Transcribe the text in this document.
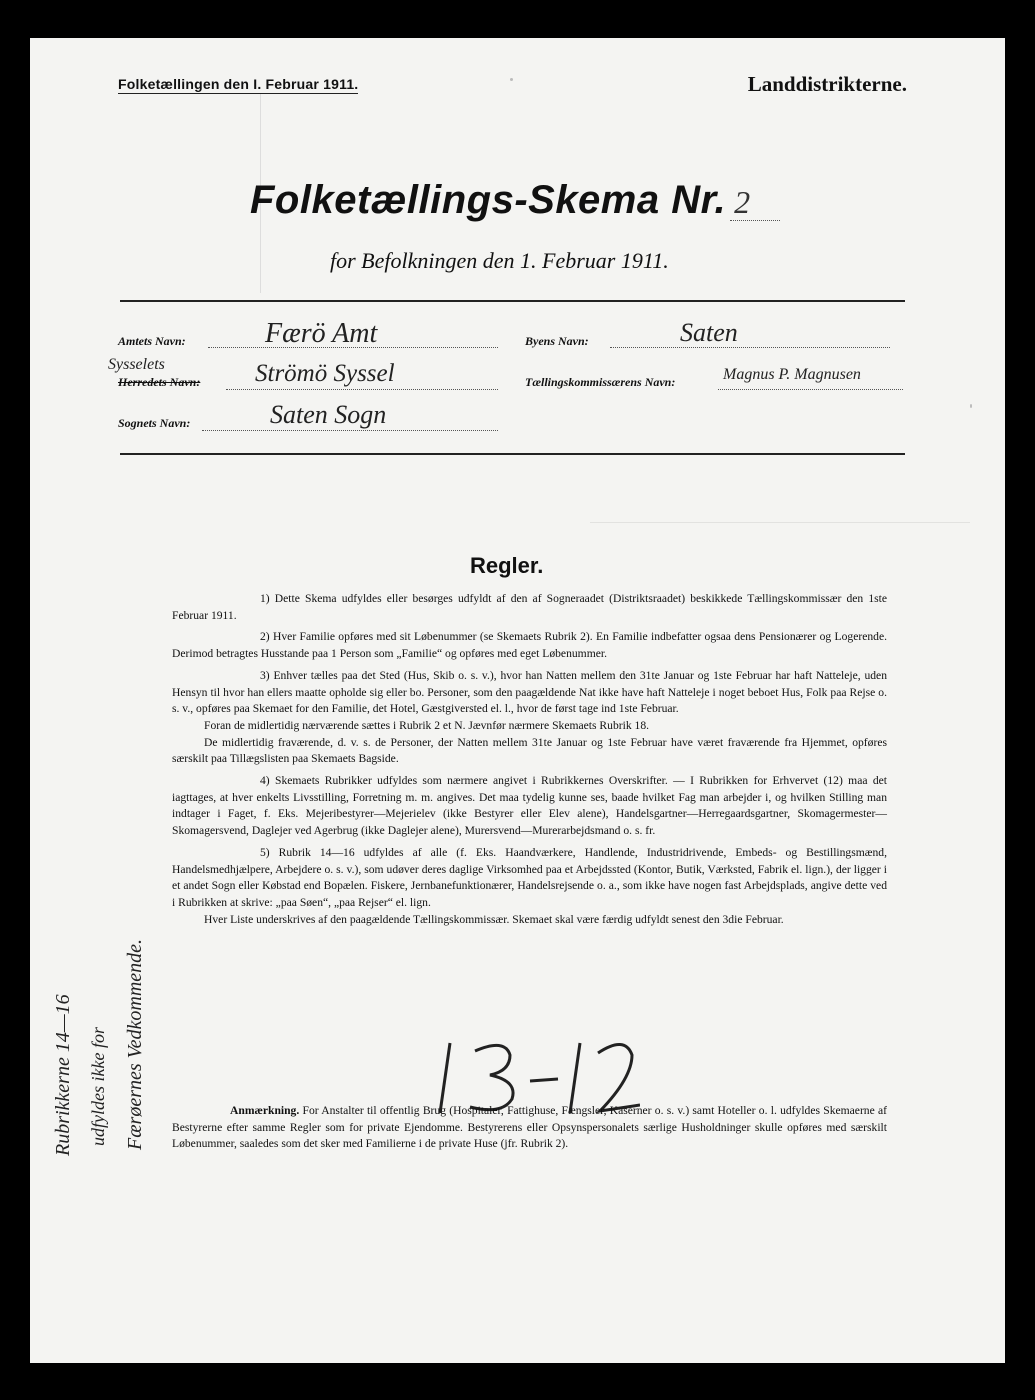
Folketællingen den I. Februar 1911.	Landdistrikterne.
Folketællings-Skema Nr. 2
for Befolkningen den 1. Februar 1911.
Amtets Navn:	Færö Amt	Byens Navn:	Saten
Sysselets
Herredets Navn: Strömö Syssel	Tællingskommissærens Navn:	Magnus P. Magnusen
Sognets Navn:	Saten Sogn
Regler.

1) Dette Skema udfyldes eller besørges udfyldt af den af Sogneraadet (Distriktsraadet) beskikkede Tællingskommissær den 1ste Februar 1911.

2) Hver Familie opføres med sit Løbenummer (se Skemaets Rubrik 2). En Familie indbefatter ogsaa dens Pensionærer og Logerende. Derimod betragtes Husstande paa 1 Person som „Familie“ og opføres med eget Løbenummer.

3) Enhver tælles paa det Sted (Hus, Skib o. s. v.), hvor han Natten mellem den 31te Januar og 1ste Februar har haft Natteleje, uden Hensyn til hvor han ellers maatte opholde sig eller bo. Personer, som den paagældende Nat ikke have haft Natteleje i noget beboet Hus, Folk paa Rejse o. s. v., opføres paa Skemaet for den Familie, det Hotel, Gæstgiversted el. l., hvor de først tage ind 1ste Februar.

Foran de midlertidig nærværende sættes i Rubrik 2 et N. Jævnfør nærmere Skemaets Rubrik 18.

De midlertidig fraværende, d. v. s. de Personer, der Natten mellem 31te Januar og 1ste Februar have været fraværende fra Hjemmet, opføres særskilt paa Tillægslisten paa Skemaets Bagside.

4) Skemaets Rubrikker udfyldes som nærmere angivet i Rubrikkernes Overskrifter. — I Rubrikken for Erhvervet (12) maa det iagttages, at hver enkelts Livsstilling, Forretning m. m. angives. Det maa tydelig kunne ses, baade hvilket Fag man arbejder i, og hvilken Stilling man indtager i Faget, f. Eks. Mejeribestyrer—Mejerielev (ikke Bestyrer eller Elev alene), Handelsgartner—Herregaardsgartner, Skomagermester—Skomagersvend, Daglejer ved Agerbrug (ikke Daglejer alene), Murersvend—Murerarbejdsmand o. s. fr.

5) Rubrik 14—16 udfyldes af alle (f. Eks. Haandværkere, Handlende, Industridrivende, Embeds- og Bestillingsmænd, Handelsmedhjælpere, Arbejdere o. s. v.), som udøver deres daglige Virksomhed paa et Arbejdssted (Kontor, Butik, Værksted, Fabrik el. lign.), der ligger i et andet Sogn eller Købstad end Bopælen. Fiskere, Jernbanefunktionærer, Handelsrejsende o. a., som ikke have nogen fast Arbejdsplads, angive dette ved i Rubrikken at skrive: „paa Søen“, „paa Rejser“ el. lign.

Hver Liste underskrives af den paagældende Tællingskommissær. Skemaet skal være færdig udfyldt senest den 3die Februar.

Anmærkning. For Anstalter til offentlig Brug (Hospitaler, Fattighuse, Fængsler, Kaserner o. s. v.) samt Hoteller o. l. udfyldes Skemaerne af Bestyrerne efter samme Regler som for private Ejendomme. Bestyrerens eller Opsynspersonalets særlige Husholdninger skulle opføres med særskilt Løbenummer, saaledes som det sker med Familierne i de private Huse (jfr. Rubrik 2).

Rubrikkerne 14—16 udfyldes ikke for Færøernes Vedkommende.
